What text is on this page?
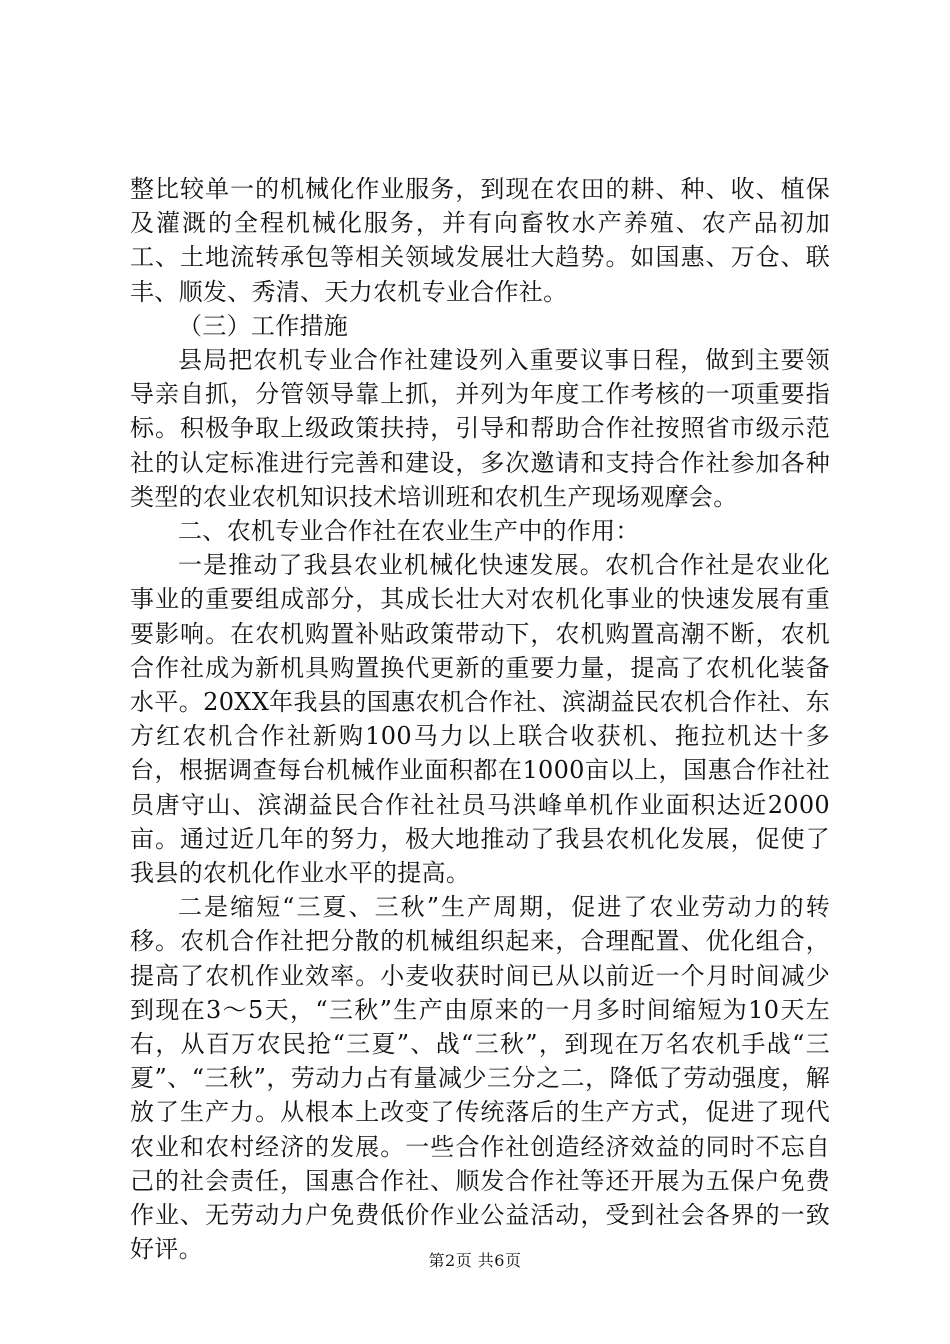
整比较单一的机械化作业服务，到现在农田的耕、种、收、植保及灌溉的全程机械化服务，并有向畜牧水产养殖、农产品初加工、土地流转承包等相关领域发展壮大趋势。如国惠、万仓、联丰、顺发、秀清、天力农机专业合作社。

（三）工作措施

县局把农机专业合作社建设列入重要议事日程，做到主要领导亲自抓，分管领导靠上抓，并列为年度工作考核的一项重要指标。积极争取上级政策扶持，引导和帮助合作社按照省市级示范社的认定标准进行完善和建设，多次邀请和支持合作社参加各种类型的农业农机知识技术培训班和农机生产现场观摩会。

二、农机专业合作社在农业生产中的作用：

一是推动了我县农业机械化快速发展。农机合作社是农业化事业的重要组成部分，其成长壮大对农机化事业的快速发展有重要影响。在农机购置补贴政策带动下，农机购置高潮不断，农机合作社成为新机具购置换代更新的重要力量，提高了农机化装备水平。20XX年我县的国惠农机合作社、滨湖益民农机合作社、东方红农机合作社新购100马力以上联合收获机、拖拉机达十多台，根据调查每台机械作业面积都在1000亩以上，国惠合作社社员唐守山、滨湖益民合作社社员马洪峰单机作业面积达近2000亩。通过近几年的努力，极大地推动了我县农机化发展，促使了我县的农机化作业水平的提高。

二是缩短“三夏、三秋”生产周期，促进了农业劳动力的转移。农机合作社把分散的机械组织起来，合理配置、优化组合，提高了农机作业效率。小麦收获时间已从以前近一个月时间减少到现在3～5天，“三秋”生产由原来的一月多时间缩短为10天左右，从百万农民抢“三夏”、战“三秋”，到现在万名农机手战“三夏”、“三秋”，劳动力占有量减少三分之二，降低了劳动强度，解放了生产力。从根本上改变了传统落后的生产方式，促进了现代农业和农村经济的发展。一些合作社创造经济效益的同时不忘自己的社会责任，国惠合作社、顺发合作社等还开展为五保户免费作业、无劳动力户免费低价作业公益活动，受到社会各界的一致好评。	第2页 共6页
